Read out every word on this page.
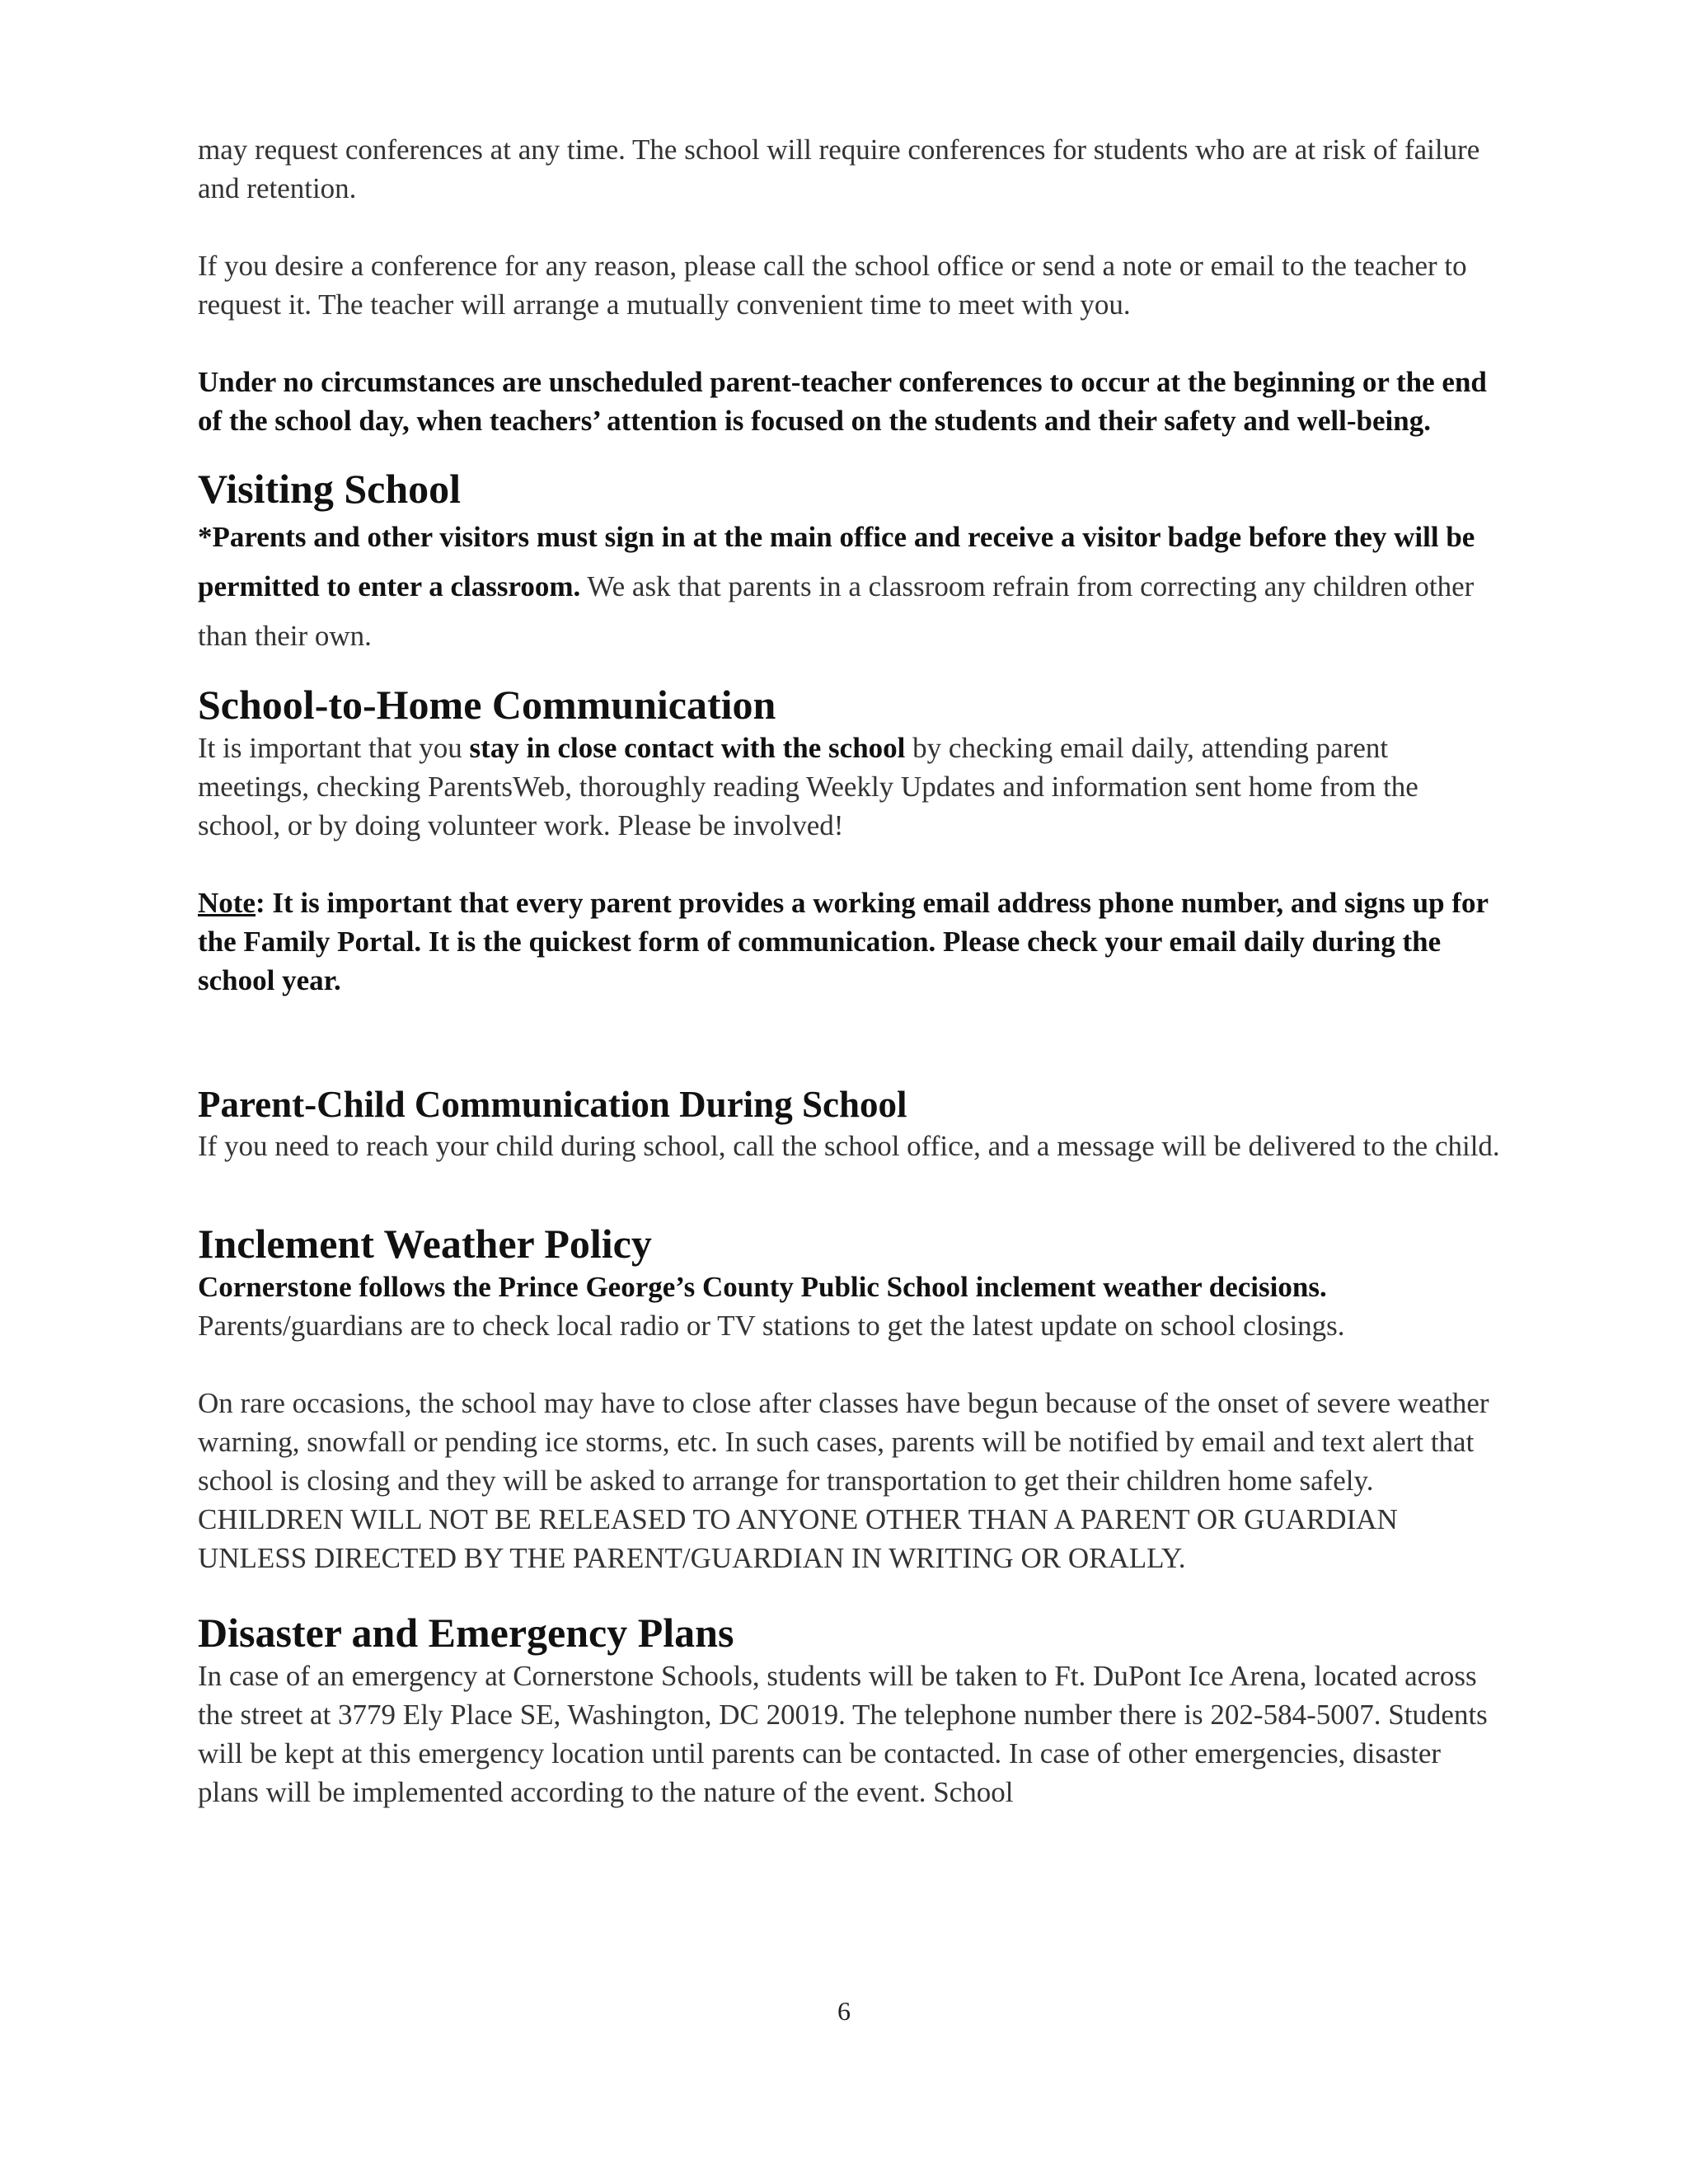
may request conferences at any time. The school will require conferences for students who are at risk of failure and retention.

If you desire a conference for any reason, please call the school office or send a note or email to the teacher to request it. The teacher will arrange a mutually convenient time to meet with you.

Under no circumstances are unscheduled parent-teacher conferences to occur at the beginning or the end of the school day, when teachers’ attention is focused on the students and their safety and well-being.

Visiting School

*Parents and other visitors must sign in at the main office and receive a visitor badge before they will be permitted to enter a classroom. We ask that parents in a classroom refrain from correcting any children other than their own.

School-to-Home Communication

It is important that you stay in close contact with the school by checking email daily, attending parent meetings, checking ParentsWeb, thoroughly reading Weekly Updates and information sent home from the school, or by doing volunteer work. Please be involved!

Note: It is important that every parent provides a working email address phone number, and signs up for the Family Portal. It is the quickest form of communication. Please check your email daily during the school year.

Parent-Child Communication During School

If you need to reach your child during school, call the school office, and a message will be delivered to the child.

Inclement Weather Policy

Cornerstone follows the Prince George’s County Public School inclement weather decisions.

Parents/guardians are to check local radio or TV stations to get the latest update on school closings.

On rare occasions, the school may have to close after classes have begun because of the onset of severe weather warning, snowfall or pending ice storms, etc. In such cases, parents will be notified by email and text alert that school is closing and they will be asked to arrange for transportation to get their children home safely. CHILDREN WILL NOT BE RELEASED TO ANYONE OTHER THAN A PARENT OR GUARDIAN UNLESS DIRECTED BY THE PARENT/GUARDIAN IN WRITING OR ORALLY.

Disaster and Emergency Plans

In case of an emergency at Cornerstone Schools, students will be taken to Ft. DuPont Ice Arena, located across the street at 3779 Ely Place SE, Washington, DC 20019. The telephone number there is 202-584-5007. Students will be kept at this emergency location until parents can be contacted. In case of other emergencies, disaster plans will be implemented according to the nature of the event. School

6
